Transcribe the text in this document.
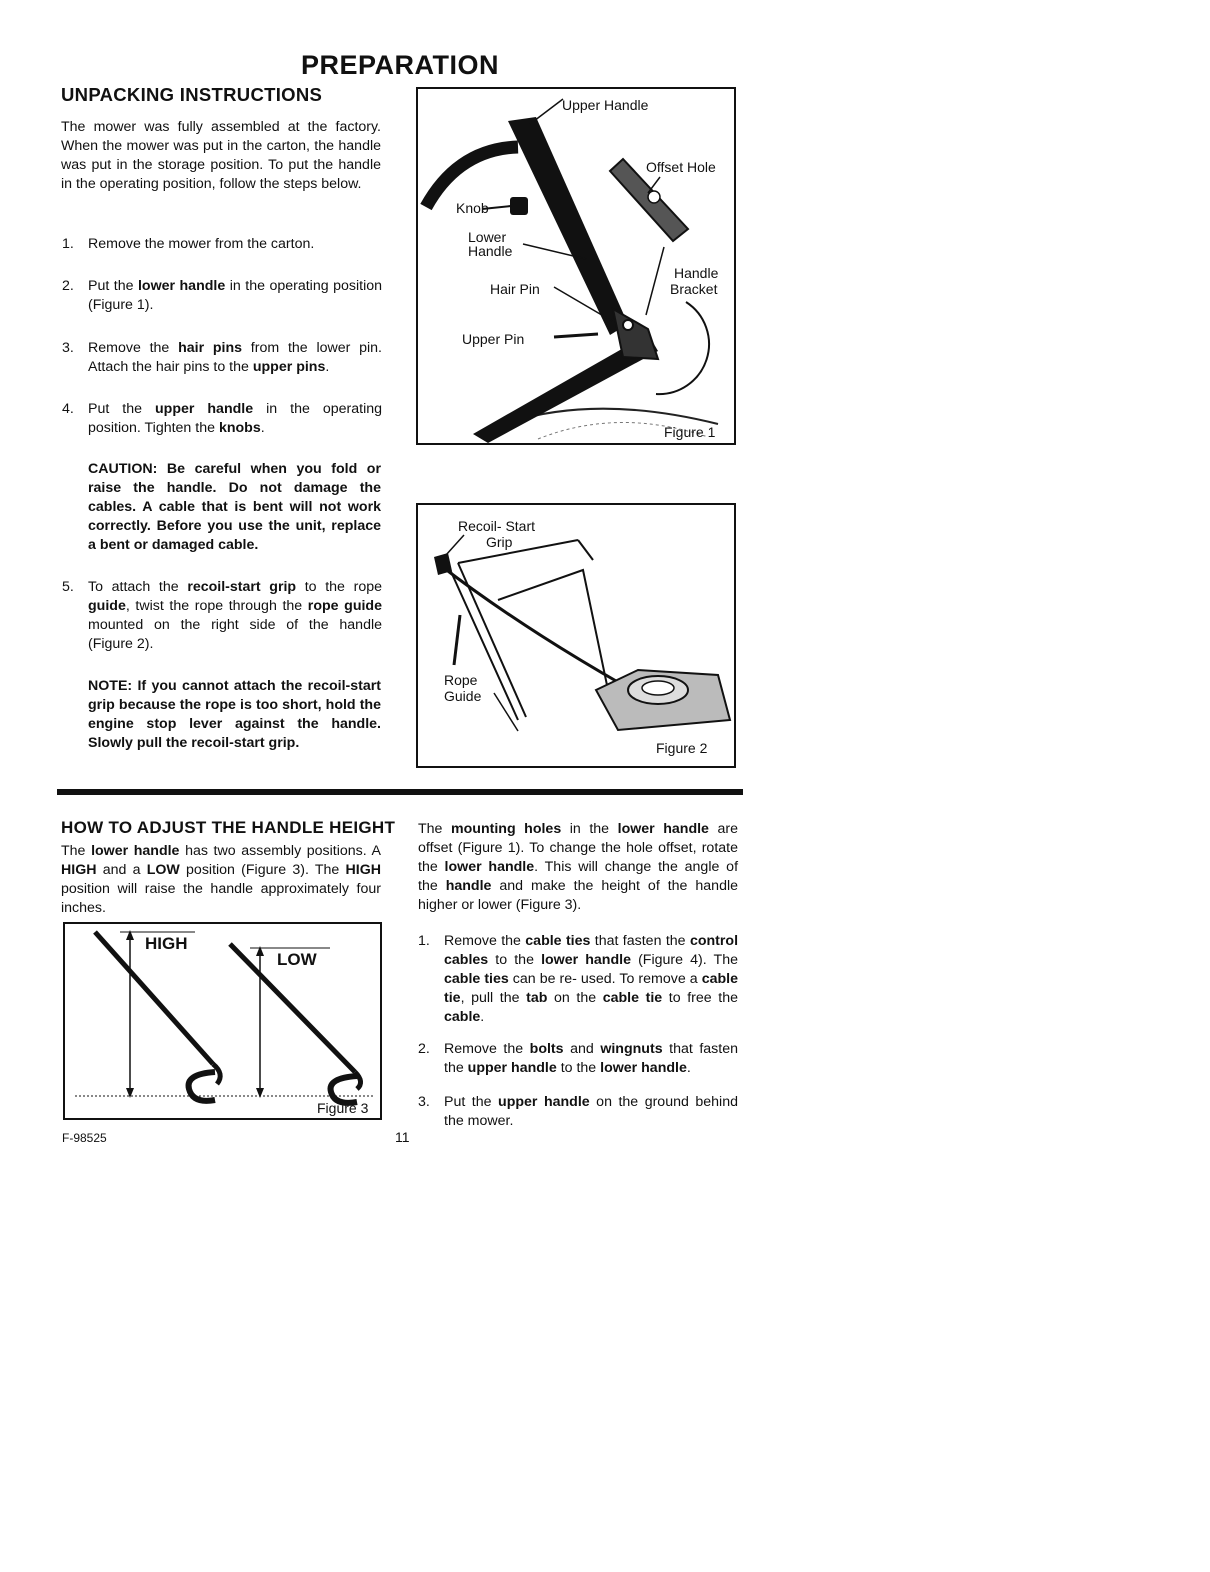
PREPARATION
UNPACKING INSTRUCTIONS
The mower was fully assembled at the factory. When the mower was put in the carton, the handle was put in the storage position. To put the handle in the operating position, follow the steps below.
1. Remove the mower from the carton.
2. Put the lower handle in the operating position (Figure 1).
3. Remove the hair pins from the lower pin. Attach the hair pins to the upper pins.
4. Put the upper handle in the operating position. Tighten the knobs.
CAUTION: Be careful when you fold or raise the handle. Do not damage the cables. A cable that is bent will not work correctly. Before you use the unit, replace a bent or damaged cable.
5. To attach the recoil-start grip to the rope guide, twist the rope through the rope guide mounted on the right side of the handle (Figure 2).
NOTE: If you cannot attach the recoil-start grip because the rope is too short, hold the engine stop lever against the handle. Slowly pull the recoil-start grip.
Upper Handle
Offset Hole
Knob
Lower
Handle
Handle
Bracket
Hair Pin
Upper Pin
Figure 1
Recoil- Start
Grip
Rope
Guide
Figure 2
HOW TO ADJUST THE HANDLE HEIGHT
The lower handle has two assembly positions. A HIGH and a LOW position (Figure 3). The HIGH position will raise the handle approximately four inches.
HIGH
LOW
Figure 3
The mounting holes in the lower handle are offset (Figure 1). To change the hole offset, rotate the lower handle. This will change the angle of the handle and make the height of the handle higher or lower (Figure 3).
1. Remove the cable ties that fasten the control cables to the lower handle (Figure 4). The cable ties can be re- used. To remove a cable tie, pull the tab on the cable tie to free the cable.
2. Remove the bolts and wingnuts that fasten the upper handle to the lower handle.
3. Put the upper handle on the ground behind the mower.
F-98525	11
